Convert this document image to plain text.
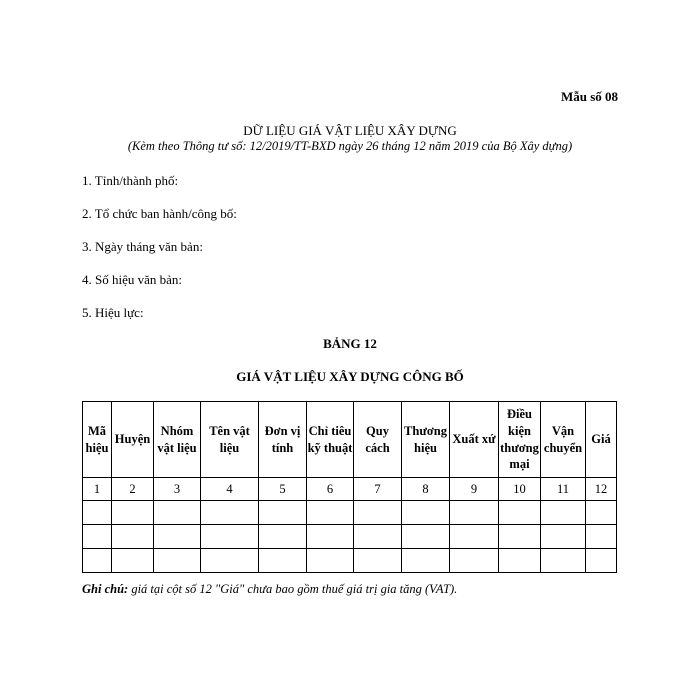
Mẫu số 08
DỮ LIỆU GIÁ VẬT LIỆU XÂY DỰNG
(Kèm theo Thông tư số: 12/2019/TT-BXD ngày 26 tháng 12 năm 2019 của Bộ Xây dựng)
1. Tỉnh/thành phố:
2. Tổ chức ban hành/công bố:
3. Ngày tháng văn bản:
4. Số hiệu văn bản:
5. Hiệu lực:
BẢNG 12
GIÁ VẬT LIỆU XÂY DỰNG CÔNG BỐ
Mã hiệu	Huyện	Nhóm vật liệu	Tên vật liệu	Đơn vị tính	Chỉ tiêu kỹ thuật	Quy cách	Thương hiệu	Xuất xứ	Điều kiện thương mại	Vận chuyển	Giá
1	2	3	4	5	6	7	8	9	10	11	12

Ghi chú: giá tại cột số 12 "Giá" chưa bao gồm thuế giá trị gia tăng (VAT).
